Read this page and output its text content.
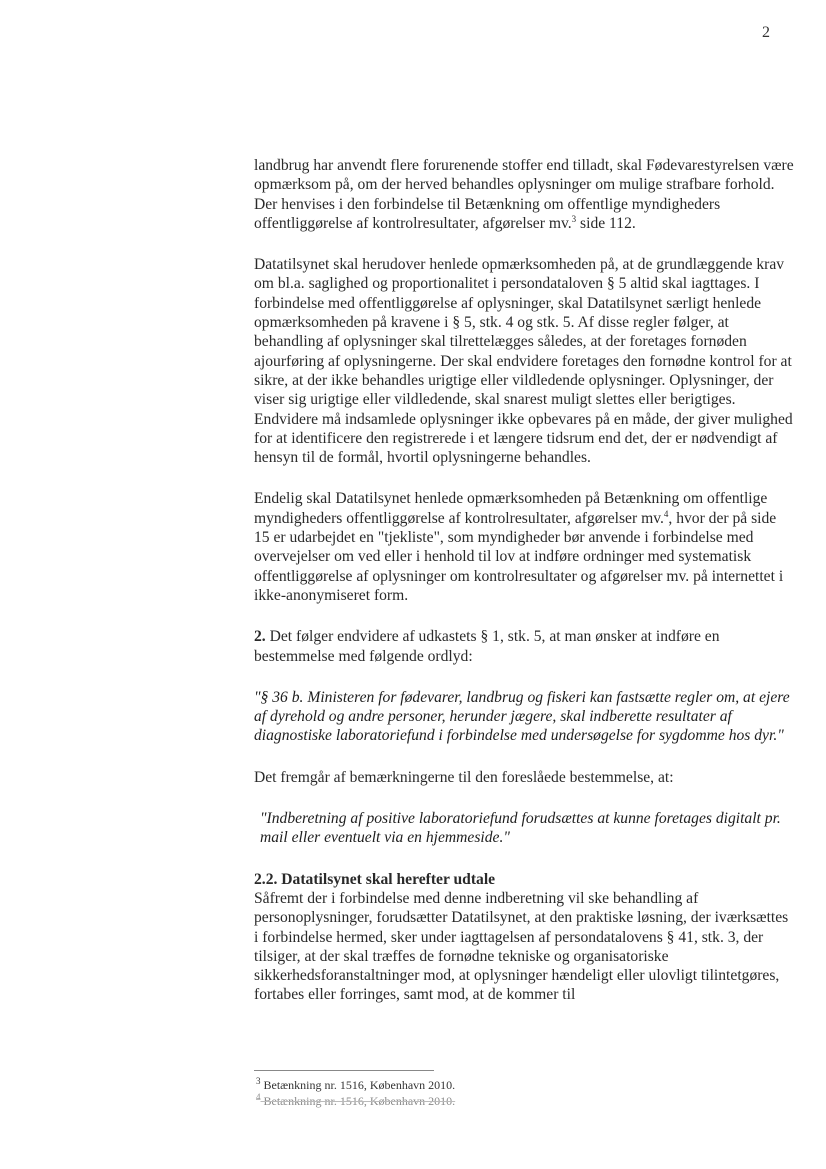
2

landbrug har anvendt flere forurenende stoffer end tilladt, skal Fødevarestyrelsen være opmærksom på, om der herved behandles oplysninger om mulige strafbare forhold. Der henvises i den forbindelse til Betænkning om offentlige myndigheders offentliggørelse af kontrolresultater, afgørelser mv.$^3$ side 112.

Datatilsynet skal herudover henlede opmærksomheden på, at de grundlæggende krav om bl.a. saglighed og proportionalitet i persondataloven § 5 altid skal iagttages. I forbindelse med offentliggørelse af oplysninger, skal Datatilsynet særligt henlede opmærksomheden på kravene i § 5, stk. 4 og stk. 5. Af disse regler følger, at behandling af oplysninger skal tilrettelægges således, at der foretages fornøden ajourføring af oplysningerne. Der skal endvidere foretages den fornødne kontrol for at sikre, at der ikke behandles urigtige eller vildledende oplysninger. Oplysninger, der viser sig urigtige eller vildledende, skal snarest muligt slettes eller berigtiges. Endvidere må indsamlede oplysninger ikke opbevares på en måde, der giver mulighed for at identificere den registrerede i et længere tidsrum end det, der er nødvendigt af hensyn til de formål, hvortil oplysningerne behandles.

Endelig skal Datatilsynet henlede opmærksomheden på Betænkning om offentlige myndigheders offentliggørelse af kontrolresultater, afgørelser mv.$^4$, hvor der på side 15 er udarbejdet en "tjekliste", som myndigheder bør anvende i forbindelse med overvejelser om ved eller i henhold til lov at indføre ordninger med systematisk offentliggørelse af oplysninger om kontrolresultater og afgørelser mv. på internettet i ikke-anonymiseret form.

2. Det følger endvidere af udkastets § 1, stk. 5, at man ønsker at indføre en bestemmelse med følgende ordlyd:

"§ 36 b. Ministeren for fødevarer, landbrug og fiskeri kan fastsætte regler om, at ejere af dyrehold og andre personer, herunder jægere, skal indberette resultater af diagnostiske laboratoriefund i forbindelse med undersøgelse for sygdomme hos dyr."

Det fremgår af bemærkningerne til den foreslåede bestemmelse, at:

"Indberetning af positive laboratoriefund forudsættes at kunne foretages digitalt pr. mail eller eventuelt via en hjemmeside."

2.2. Datatilsynet skal herefter udtale

Såfremt der i forbindelse med denne indberetning vil ske behandling af personoplysninger, forudsætter Datatilsynet, at den praktiske løsning, der iværksættes i forbindelse hermed, sker under iagttagelsen af persondatalovens § 41, stk. 3, der tilsiger, at der skal træffes de fornødne tekniske og organisatoriske sikkerhedsforanstaltninger mod, at oplysninger hændeligt eller ulovligt tilintetgøres, fortabes eller forringes, samt mod, at de kommer til

$^3$ Betænkning nr. 1516, København 2010.
$^4$ Betænkning nr. 1516, København 2010.
